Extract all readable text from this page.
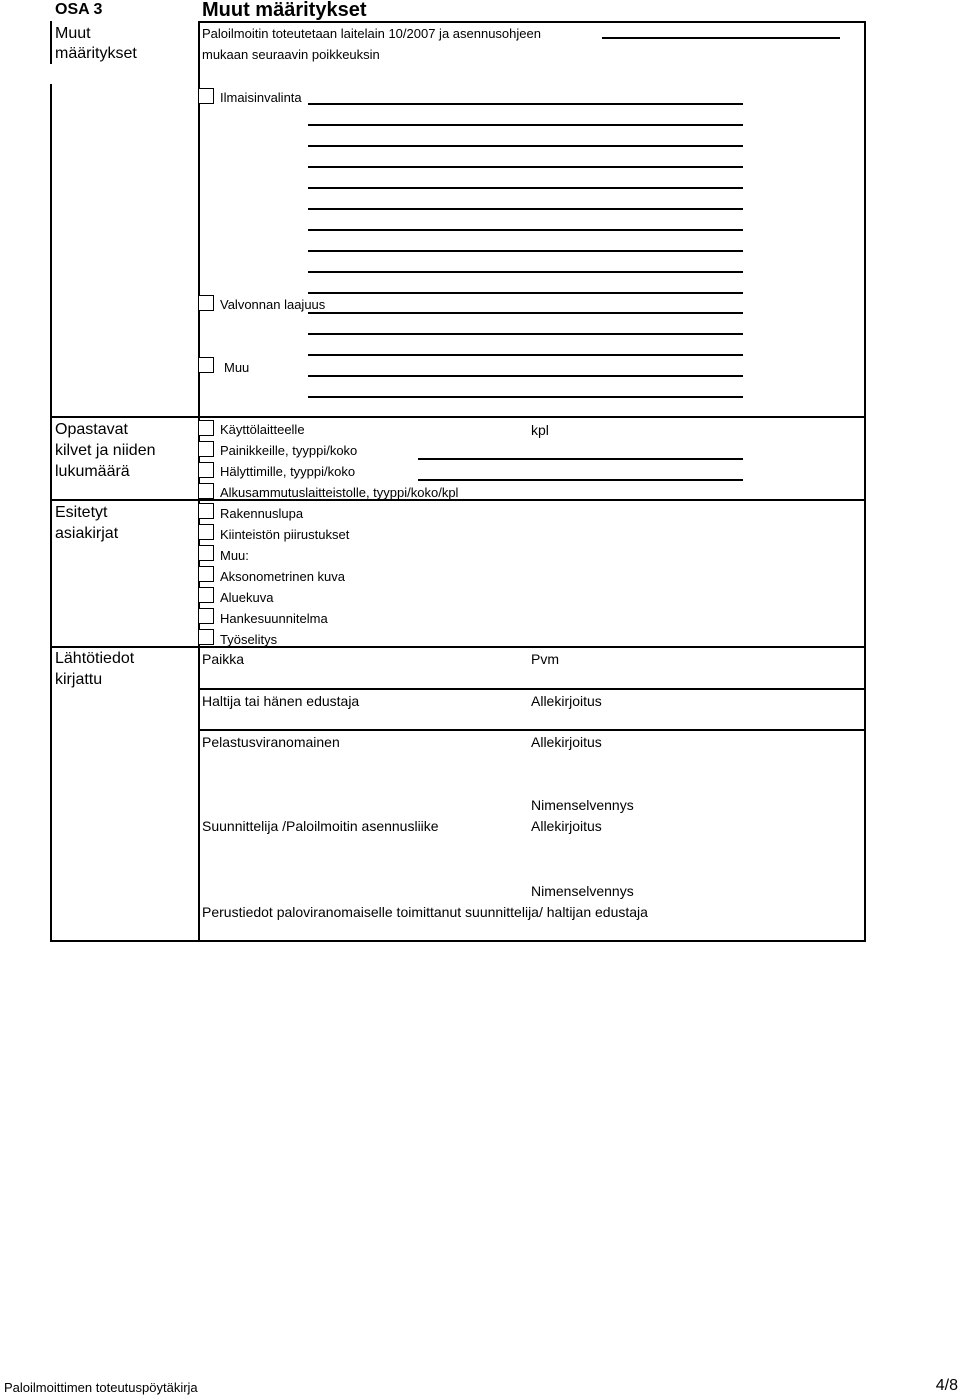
OSA 3	Muut määritykset
Muut
määritykset
Paloilmoitin toteutetaan laitelain 10/2007 ja asennusohjeen
mukaan seuraavin poikkeuksin
Ilmaisinvalinta
Valvonnan laajuus
Muu
Opastavat
kilvet ja niiden
lukumäärä
Käyttölaitteelle	kpl
Painikkeille, tyyppi/koko
Hälyttimille, tyyppi/koko
Alkusammutuslaitteistolle, tyyppi/koko/kpl
Esitetyt
asiakirjat
Rakennuslupa
Kiinteistön piirustukset
Muu:
Aksonometrinen kuva
Aluekuva
Hankesuunnitelma
Työselitys
Lähtötiedot
kirjattu
Paikka	Pvm
Haltija tai hänen edustaja	Allekirjoitus
Pelastusviranomainen	Allekirjoitus
Nimenselvennys
Suunnittelija /Paloilmoitin asennusliike	Allekirjoitus
Nimenselvennys
Perustiedot paloviranomaiselle toimittanut suunnittelija/ haltijan edustaja
Paloilmoittimen toteutuspöytäkirja	4/8
